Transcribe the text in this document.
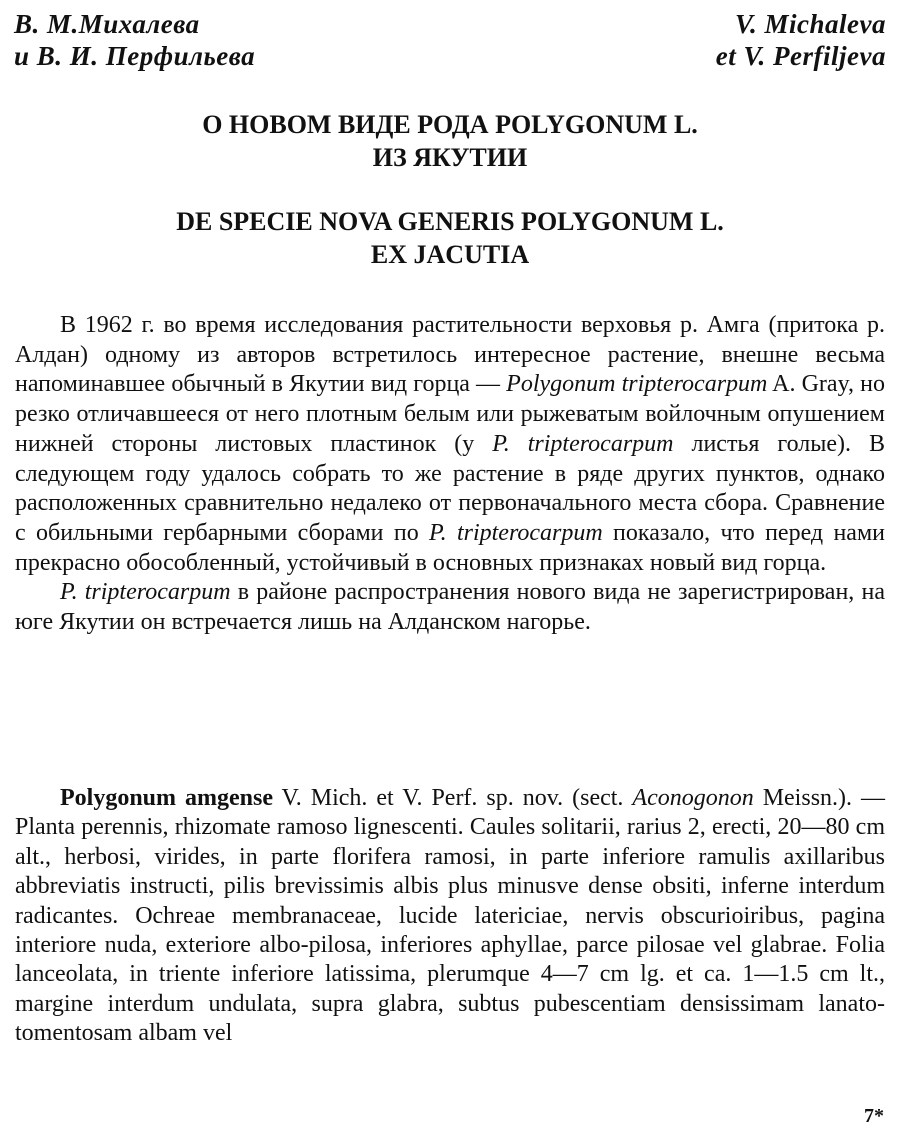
В. М.Михалева
и В. И. Перфильева
V. Michaleva
et V. Perfiljeva
О НОВОМ ВИДЕ РОДА POLYGONUM L.
ИЗ ЯКУТИИ
DE SPECIE NOVA GENERIS POLYGONUM L.
EX JACUTIA

В 1962 г. во время исследования растительности верховья р. Амга (притока р. Алдан) одному из авторов встретилось интересное растение, внешне весьма напоминавшее обычный в Якутии вид горца — Polygonum tripterocarpum A. Gray, но резко отличавшееся от него плотным белым или рыжеватым войлочным опушением нижней стороны листовых пластинок (у P. tripterocarpum листья голые). В следующем году удалось собрать то же растение в ряде других пунктов, однако расположенных сравнительно недалеко от первоначального места сбора. Сравнение с обильными гербарными сборами по P. tripterocarpum показало, что перед нами прекрасно обособленный, устойчивый в основных признаках новый вид горца.

P. tripterocarpum в районе распространения нового вида не зарегистрирован, на юге Якутии он встречается лишь на Алданском нагорье.

Polygonum amgense V. Mich. et V. Perf. sp. nov. (sect. Aconogonon Meissn.). — Planta perennis, rhizomate ramoso lignescenti. Caules solitarii, rarius 2, erecti, 20—80 cm alt., herbosi, virides, in parte florifera ramosi, in parte inferiore ramulis axillaribus abbreviatis instructi, pilis brevissimis albis plus minusve dense obsiti, inferne interdum radicantes. Ochreae membranaceae, lucide latericiae, nervis obscurioiribus, pagina interiore nuda, exteriore albo-pilosa, inferiores aphyllae, parce pilosae vel glabrae. Folia lanceolata, in triente inferiore latissima, plerumque 4—7 cm lg. et ca. 1—1.5 cm lt., margine interdum undulata, supra glabra, subtus pubescentiam densissimam lanato-tomentosam albam vel

7*
